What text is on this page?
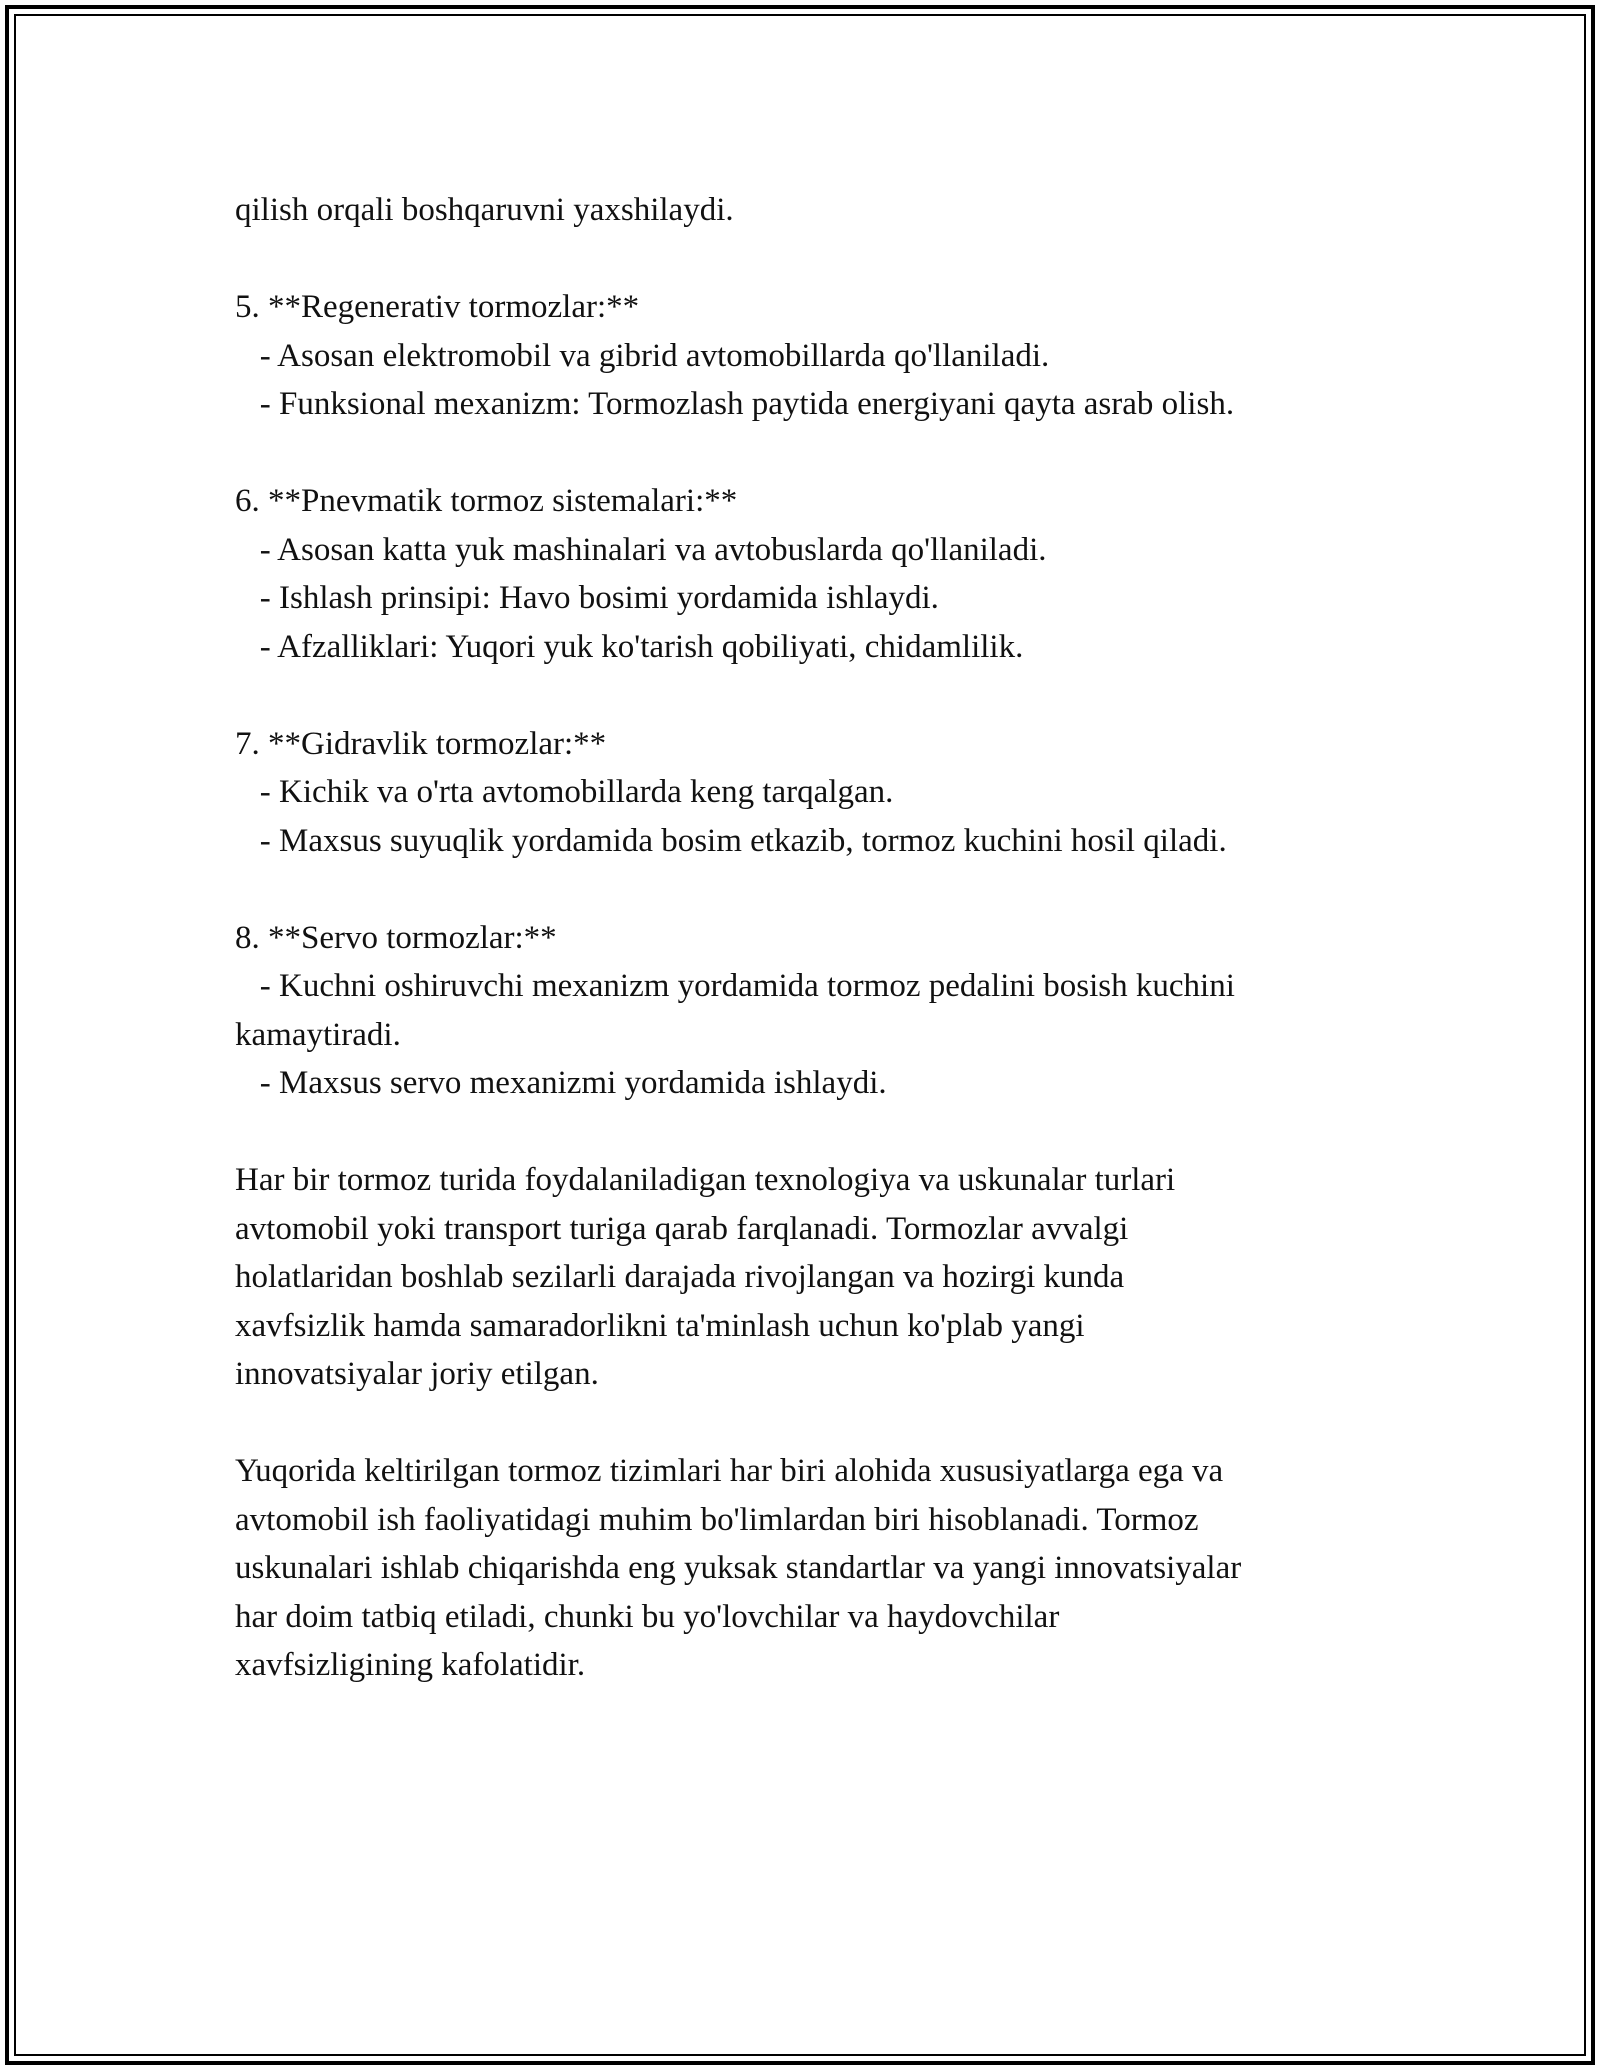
qilish orqali boshqaruvni yaxshilaydi.
5. **Regenerativ tormozlar:**
- Asosan elektromobil va gibrid avtomobillarda qo'llaniladi.
- Funksional mexanizm: Tormozlash paytida energiyani qayta asrab olish.
6. **Pnevmatik tormoz sistemalari:**
- Asosan katta yuk mashinalari va avtobuslarda qo'llaniladi.
- Ishlash prinsipi: Havo bosimi yordamida ishlaydi.
- Afzalliklari: Yuqori yuk ko'tarish qobiliyati, chidamlilik.
7. **Gidravlik tormozlar:**
- Kichik va o'rta avtomobillarda keng tarqalgan.
- Maxsus suyuqlik yordamida bosim etkazib, tormoz kuchini hosil qiladi.
8. **Servo tormozlar:**
- Kuchni oshiruvchi mexanizm yordamida tormoz pedalini bosish kuchini
kamaytiradi.
- Maxsus servo mexanizmi yordamida ishlaydi.
Har bir tormoz turida foydalaniladigan texnologiya va uskunalar turlari
avtomobil yoki transport turiga qarab farqlanadi. Tormozlar avvalgi
holatlaridan boshlab sezilarli darajada rivojlangan va hozirgi kunda
xavfsizlik hamda samaradorlikni ta'minlash uchun ko'plab yangi
innovatsiyalar joriy etilgan.
Yuqorida keltirilgan tormoz tizimlari har biri alohida xususiyatlarga ega va
avtomobil ish faoliyatidagi muhim bo'limlardan biri hisoblanadi. Tormoz
uskunalari ishlab chiqarishda eng yuksak standartlar va yangi innovatsiyalar
har doim tatbiq etiladi, chunki bu yo'lovchilar va haydovchilar
xavfsizligining kafolatidir.
